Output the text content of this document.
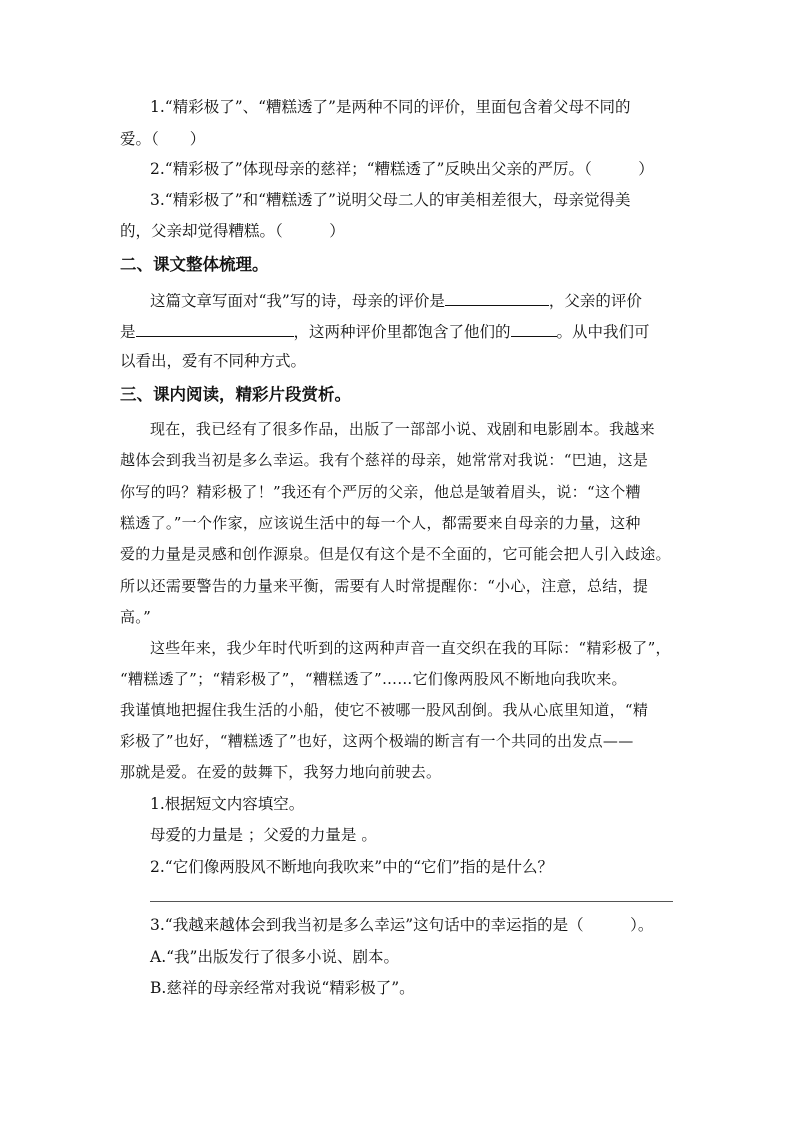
1.“精彩极了”、“糟糕透了”是两种不同的评价，里面包含着父母不同的
爱。（　　）
2.“精彩极了”体现母亲的慈祥；“糟糕透了”反映出父亲的严厉。（　　　）
3.“精彩极了”和“糟糕透了”说明父母二人的审美相差很大，母亲觉得美
的，父亲却觉得糟糕。（　　　）
二、课文整体梳理。
这篇文章写面对“我”写的诗，母亲的评价是	，父亲的评价
是	，这两种评价里都饱含了他们的	。从中我们可
以看出，爱有不同种方式。
三、课内阅读，精彩片段赏析。
现在，我已经有了很多作品，出版了一部部小说、戏剧和电影剧本。我越来
越体会到我当初是多么幸运。我有个慈祥的母亲，她常常对我说：“巴迪，这是
你写的吗？精彩极了！”我还有个严厉的父亲，他总是皱着眉头，说：“这个糟
糕透了。”一个作家，应该说生活中的每一个人，都需要来自母亲的力量，这种
爱的力量是灵感和创作源泉。但是仅有这个是不全面的，它可能会把人引入歧途。
所以还需要警告的力量来平衡，需要有人时常提醒你：“小心，注意，总结，提
高。”
这些年来，我少年时代听到的这两种声音一直交织在我的耳际：“精彩极了”，
“糟糕透了”；“精彩极了”，“糟糕透了”……它们像两股风不断地向我吹来。
我谨慎地把握住我生活的小船，使它不被哪一股风刮倒。我从心底里知道，“精
彩极了”也好，“糟糕透了”也好，这两个极端的断言有一个共同的出发点——
那就是爱。在爱的鼓舞下，我努力地向前驶去。
1.根据短文内容填空。
母爱的力量是 ；父爱的力量是 。
2.“它们像两股风不断地向我吹来”中的“它们”指的是什么？
3.“我越来越体会到我当初是多么幸运”这句话中的幸运指的是（　　　）。
A.“我”出版发行了很多小说、剧本。
B.慈祥的母亲经常对我说“精彩极了”。
